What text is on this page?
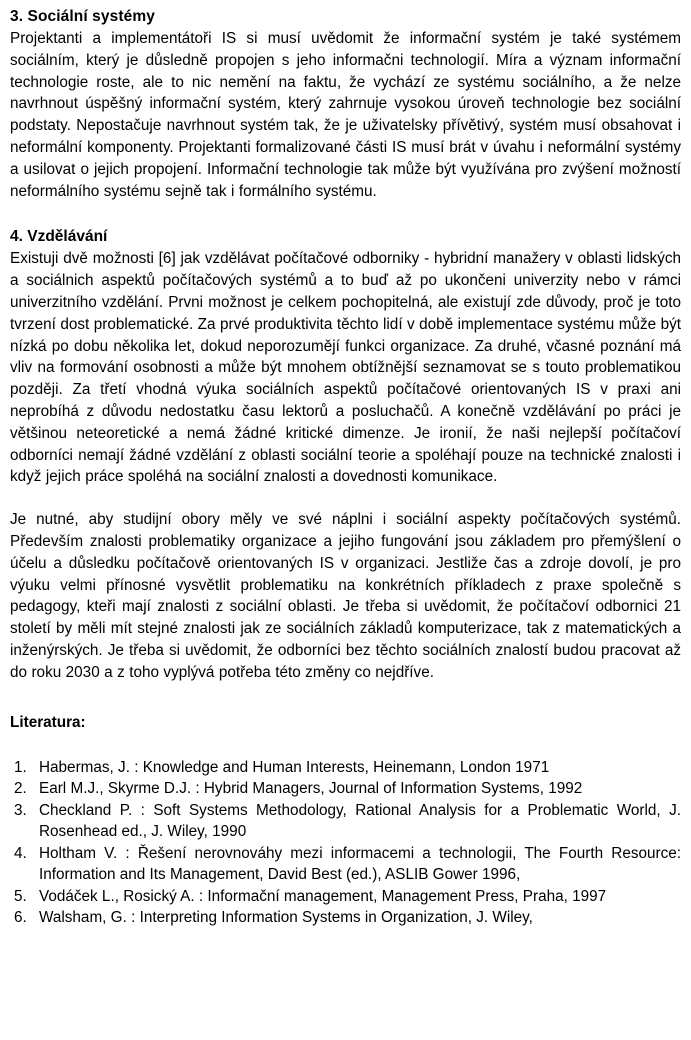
3. Sociální systémy

Projektanti a implementátoři IS si musí uvědomit že informační systém je také systémem sociálním, který je důsledně propojen s jeho informačni technologií. Míra a význam informační technologie roste, ale to nic nemění na faktu, že vychází ze systému sociálního, a že nelze navrhnout úspěšný informační systém, který zahrnuje vysokou úroveň technologie bez sociální podstaty. Nepostačuje navrhnout systém tak, že je uživatelsky přívětivý, systém musí obsahovat i neformální komponenty. Projektanti formalizované části IS musí brát v úvahu i neformální systémy a usilovat o jejich propojení. Informační technologie tak může být využívána pro zvýšení možností neformálního systému sejně tak i formálního systému.

4. Vzdělávání

Existuji dvě možnosti [6] jak vzdělávat počítačové odborniky - hybridní manažery v oblasti lidských a sociálnich aspektů počítačových systémů a to buď až po ukončeni univerzity nebo v rámci univerzitního vzdělání. Prvni možnost je celkem pochopitelná, ale existují zde důvody, proč je toto tvrzení dost problematické. Za prvé produktivita těchto lidí v době implementace systému může být nízká po dobu několika let, dokud neporozumějí funkci organizace. Za druhé, včasné poznání má vliv na formování osobnosti a může být mnohem obtížnější seznamovat se s touto problematikou později. Za třetí vhodná výuka sociálních aspektů počítačové orientovaných IS v praxi ani neprobíhá z důvodu nedostatku času lektorů a posluchačů. A konečně vzdělávání po práci je většinou neteoretické a nemá žádné kritické dimenze. Je ironií, že naši nejlepší počítačoví odborníci nemají žádné vzdělání z oblasti sociální teorie a spoléhají pouze na technické znalosti i když jejich práce spoléhá na sociální znalosti a dovednosti komunikace.

Je nutné, aby studijní obory měly ve své náplni i sociální aspekty počítačových systémů. Především znalosti problematiky organizace a jejiho fungování jsou základem pro přemýšlení o účelu a důsledku počítačově orientovaných IS v organizaci. Jestliže čas a zdroje dovolí, je pro výuku velmi přínosné vysvětlit problematiku na konkrétních příkladech z praxe společně s pedagogy, kteři mají znalosti z sociální oblasti. Je třeba si uvědomit, že počítačoví odbornici 21 století by měli mít stejné znalosti jak ze sociálních základů komputerizace, tak z matematických a inženýrských. Je třeba si uvědomit, že odborníci bez těchto sociálních znalostí budou pracovat až do roku 2030 a z toho vyplývá potřeba této změny co nejdříve.

Literatura:
1. Habermas, J. : Knowledge and Human Interests, Heinemann, London 1971
2. Earl M.J., Skyrme D.J. : Hybrid Managers, Journal of Information Systems, 1992
3. Checkland P. : Soft Systems Methodology, Rational Analysis for a Problematic World, J. Rosenhead ed., J. Wiley, 1990
4. Holtham V. : Řešení nerovnováhy mezi informacemi a technologii, The Fourth Resource: Information and Its Management, David Best (ed.), ASLIB Gower 1996,
5. Vodáček L., Rosický A. : Informační management, Management Press, Praha, 1997
6. Walsham, G. : Interpreting Information Systems in Organization, J. Wiley,
